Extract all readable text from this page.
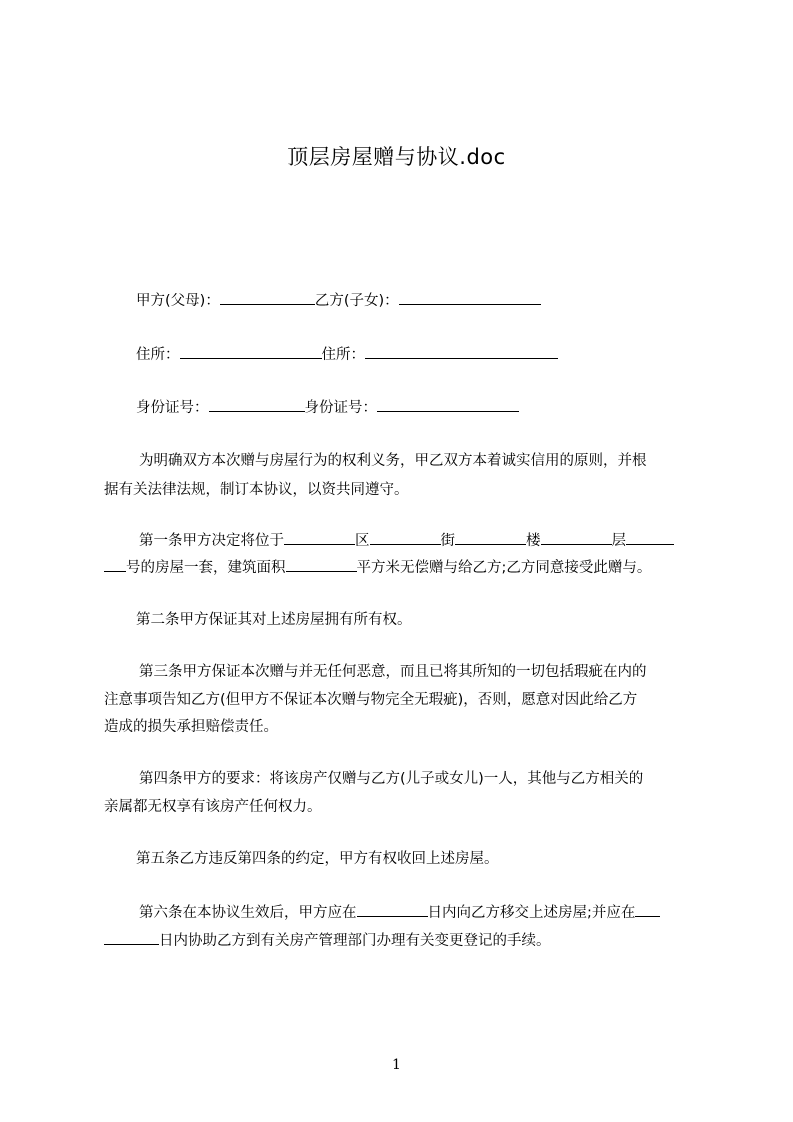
顶层房屋赠与协议.doc
甲方(父母)：	乙方(子女)：
住所：	住所：
身份证号：	身份证号：
为明确双方本次赠与房屋行为的权利义务，甲乙双方本着诚实信用的原则，并根
据有关法律法规，制订本协议，以资共同遵守。
第一条甲方决定将位于	区	街	楼	层
号的房屋一套，建筑面积	平方米无偿赠与给乙方;乙方同意接受此赠与。
第二条甲方保证其对上述房屋拥有所有权。
第三条甲方保证本次赠与并无任何恶意，而且已将其所知的一切包括瑕疵在内的
注意事项告知乙方(但甲方不保证本次赠与物完全无瑕疵)，否则，愿意对因此给乙方
造成的损失承担赔偿责任。
第四条甲方的要求：将该房产仅赠与乙方(儿子或女儿)一人，其他与乙方相关的
亲属都无权享有该房产任何权力。
第五条乙方违反第四条的约定，甲方有权收回上述房屋。
第六条在本协议生效后，甲方应在	日内向乙方移交上述房屋;并应在
日内协助乙方到有关房产管理部门办理有关变更登记的手续。
1
